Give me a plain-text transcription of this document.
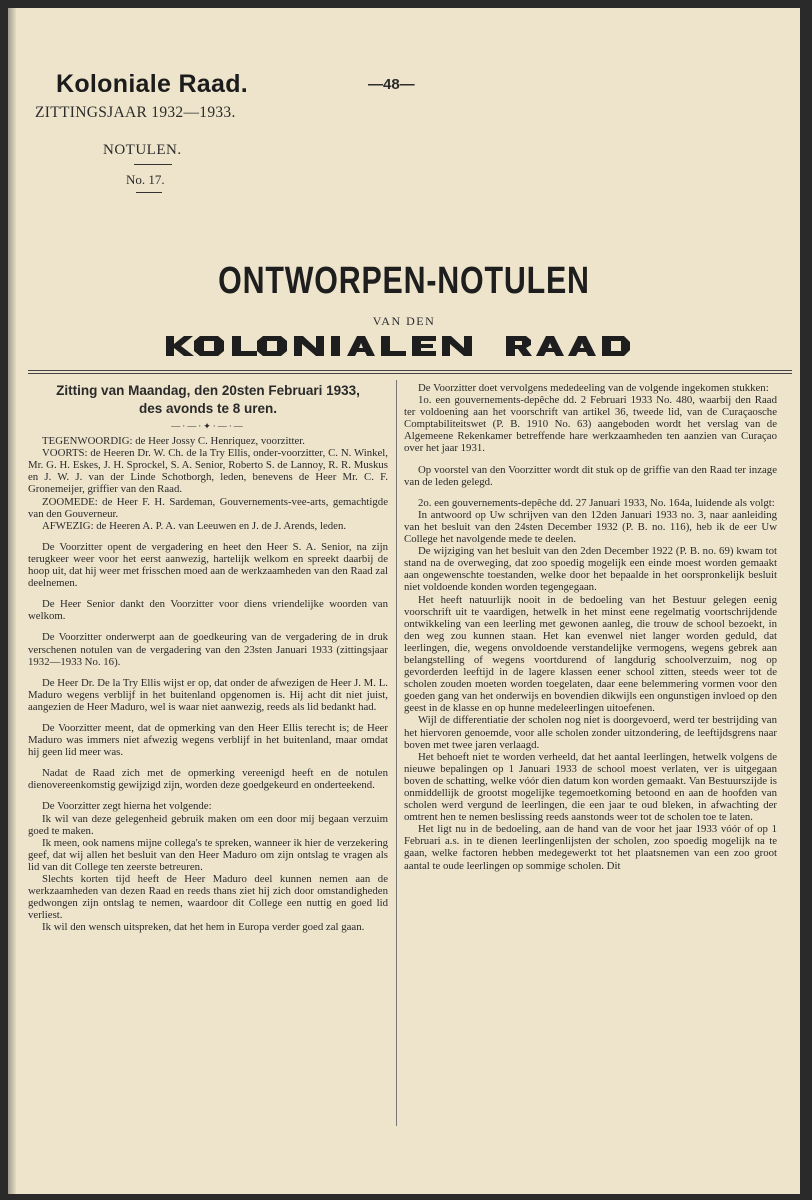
Koloniale Raad.
ZITTINGSJAAR 1932—1933.
—48—
NOTULEN.
No. 17.
ONTWORPEN-NOTULEN
VAN DEN
Zitting van Maandag, den 20sten Februari 1933,
des avonds te 8 uren.
—·—·✦·—·—

TEGENWOORDIG: de Heer Jossy C. Henriquez, voorzitter.

VOORTS: de Heeren Dr. W. Ch. de la Try Ellis, onder-voorzitter, C. N. Winkel, Mr. G. H. Eskes, J. H. Sprockel, S. A. Senior, Roberto S. de Lannoy, R. R. Muskus en J. W. J. van der Linde Schotborgh, leden, benevens de Heer Mr. C. F. Gronemeijer, griffier van den Raad.

ZOOMEDE: de Heer F. H. Sardeman, Gouvernements-vee-arts, gemachtigde van den Gouverneur.

AFWEZIG: de Heeren A. P. A. van Leeuwen en J. de J. Arends, leden.

De Voorzitter opent de vergadering en heet den Heer S. A. Senior, na zijn terugkeer weer voor het eerst aanwezig, hartelijk welkom en spreekt daarbij de hoop uit, dat hij weer met frisschen moed aan de werkzaamheden van den Raad zal deelnemen.

De Heer Senior dankt den Voorzitter voor diens vriendelijke woorden van welkom.

De Voorzitter onderwerpt aan de goedkeuring van de vergadering de in druk verschenen notulen van de vergadering van den 23sten Januari 1933 (zittingsjaar 1932—1933 No. 16).

De Heer Dr. De la Try Ellis wijst er op, dat onder de afwezigen de Heer J. M. L. Maduro wegens verblijf in het buitenland opgenomen is. Hij acht dit niet juist, aangezien de Heer Maduro, wel is waar niet aanwezig, reeds als lid bedankt had.

De Voorzitter meent, dat de opmerking van den Heer Ellis terecht is; de Heer Maduro was immers niet afwezig wegens verblijf in het buitenland, maar omdat hij geen lid meer was.

Nadat de Raad zich met de opmerking vereenigd heeft en de notulen dienovereenkomstig gewijzigd zijn, worden deze goedgekeurd en onderteekend.

De Voorzitter zegt hierna het volgende:

Ik wil van deze gelegenheid gebruik maken om een door mij begaan verzuim goed te maken.

Ik meen, ook namens mijne collega's te spreken, wanneer ik hier de verzekering geef, dat wij allen het besluit van den Heer Maduro om zijn ontslag te vragen als lid van dit College ten zeerste betreuren.

Slechts korten tijd heeft de Heer Maduro deel kunnen nemen aan de werkzaamheden van dezen Raad en reeds thans ziet hij zich door omstandigheden gedwongen zijn ontslag te nemen, waardoor dit College een nuttig en goed lid verliest.

Ik wil den wensch uitspreken, dat het hem in Europa verder goed zal gaan.

De Voorzitter doet vervolgens mededeeling van de volgende ingekomen stukken:

1o. een gouvernements-depêche dd. 2 Februari 1933 No. 480, waarbij den Raad ter voldoening aan het voorschrift van artikel 36, tweede lid, van de Curaçaosche Comptabiliteitswet (P. B. 1910 No. 63) aangeboden wordt het verslag van de Algemeene Rekenkamer betreffende hare werkzaamheden ten aanzien van Curaçao over het jaar 1931.

Op voorstel van den Voorzitter wordt dit stuk op de griffie van den Raad ter inzage van de leden gelegd.

2o. een gouvernements-depêche dd. 27 Januari 1933, No. 164a, luidende als volgt:

In antwoord op Uw schrijven van den 12den Januari 1933 no. 3, naar aanleiding van het besluit van den 24sten December 1932 (P. B. no. 116), heb ik de eer Uw College het navolgende mede te deelen.

De wijziging van het besluit van den 2den December 1922 (P. B. no. 69) kwam tot stand na de overweging, dat zoo spoedig mogelijk een einde moest worden gemaakt aan ongewenschte toestanden, welke door het bepaalde in het oorspronkelijk besluit niet voldoende konden worden tegengegaan.

Het heeft natuurlijk nooit in de bedoeling van het Bestuur gelegen eenig voorschrift uit te vaardigen, hetwelk in het minst eene regelmatig voortschrijdende ontwikkeling van een leerling met gewonen aanleg, die trouw de school bezoekt, in den weg zou kunnen staan. Het kan evenwel niet langer worden geduld, dat leerlingen, die, wegens onvoldoende verstandelijke vermogens, wegens gebrek aan belangstelling of wegens voortdurend of langdurig schoolverzuim, nog op gevorderden leeftijd in de lagere klassen eener school zitten, steeds weer tot de scholen zouden moeten worden toegelaten, daar eene belemmering vormen voor den goeden gang van het onderwijs en bovendien dikwijls een ongunstigen invloed op den geest in de klasse en op hunne medeleerlingen uitoefenen.

Wijl de differentiatie der scholen nog niet is doorgevoerd, werd ter bestrijding van het hiervoren genoemde, voor alle scholen zonder uitzondering, de leeftijdsgrens naar boven met twee jaren verlaagd.

Het behoeft niet te worden verheeld, dat het aantal leerlingen, hetwelk volgens de nieuwe bepalingen op 1 Januari 1933 de school moest verlaten, ver is uitgegaan boven de schatting, welke vóór dien datum kon worden gemaakt. Van Bestuurszijde is onmiddellijk de grootst mogelijke tegemoetkoming betoond en aan de hoofden van scholen werd vergund de leerlingen, die een jaar te oud bleken, in afwachting der omtrent hen te nemen beslissing reeds aanstonds weer tot de scholen toe te laten.

Het ligt nu in de bedoeling, aan de hand van de voor het jaar 1933 vóór of op 1 Februari a.s. in te dienen leerlingenlijsten der scholen, zoo spoedig mogelijk na te gaan, welke factoren hebben medegewerkt tot het plaatsnemen van een zoo groot aantal te oude leerlingen op sommige scholen. Dit
